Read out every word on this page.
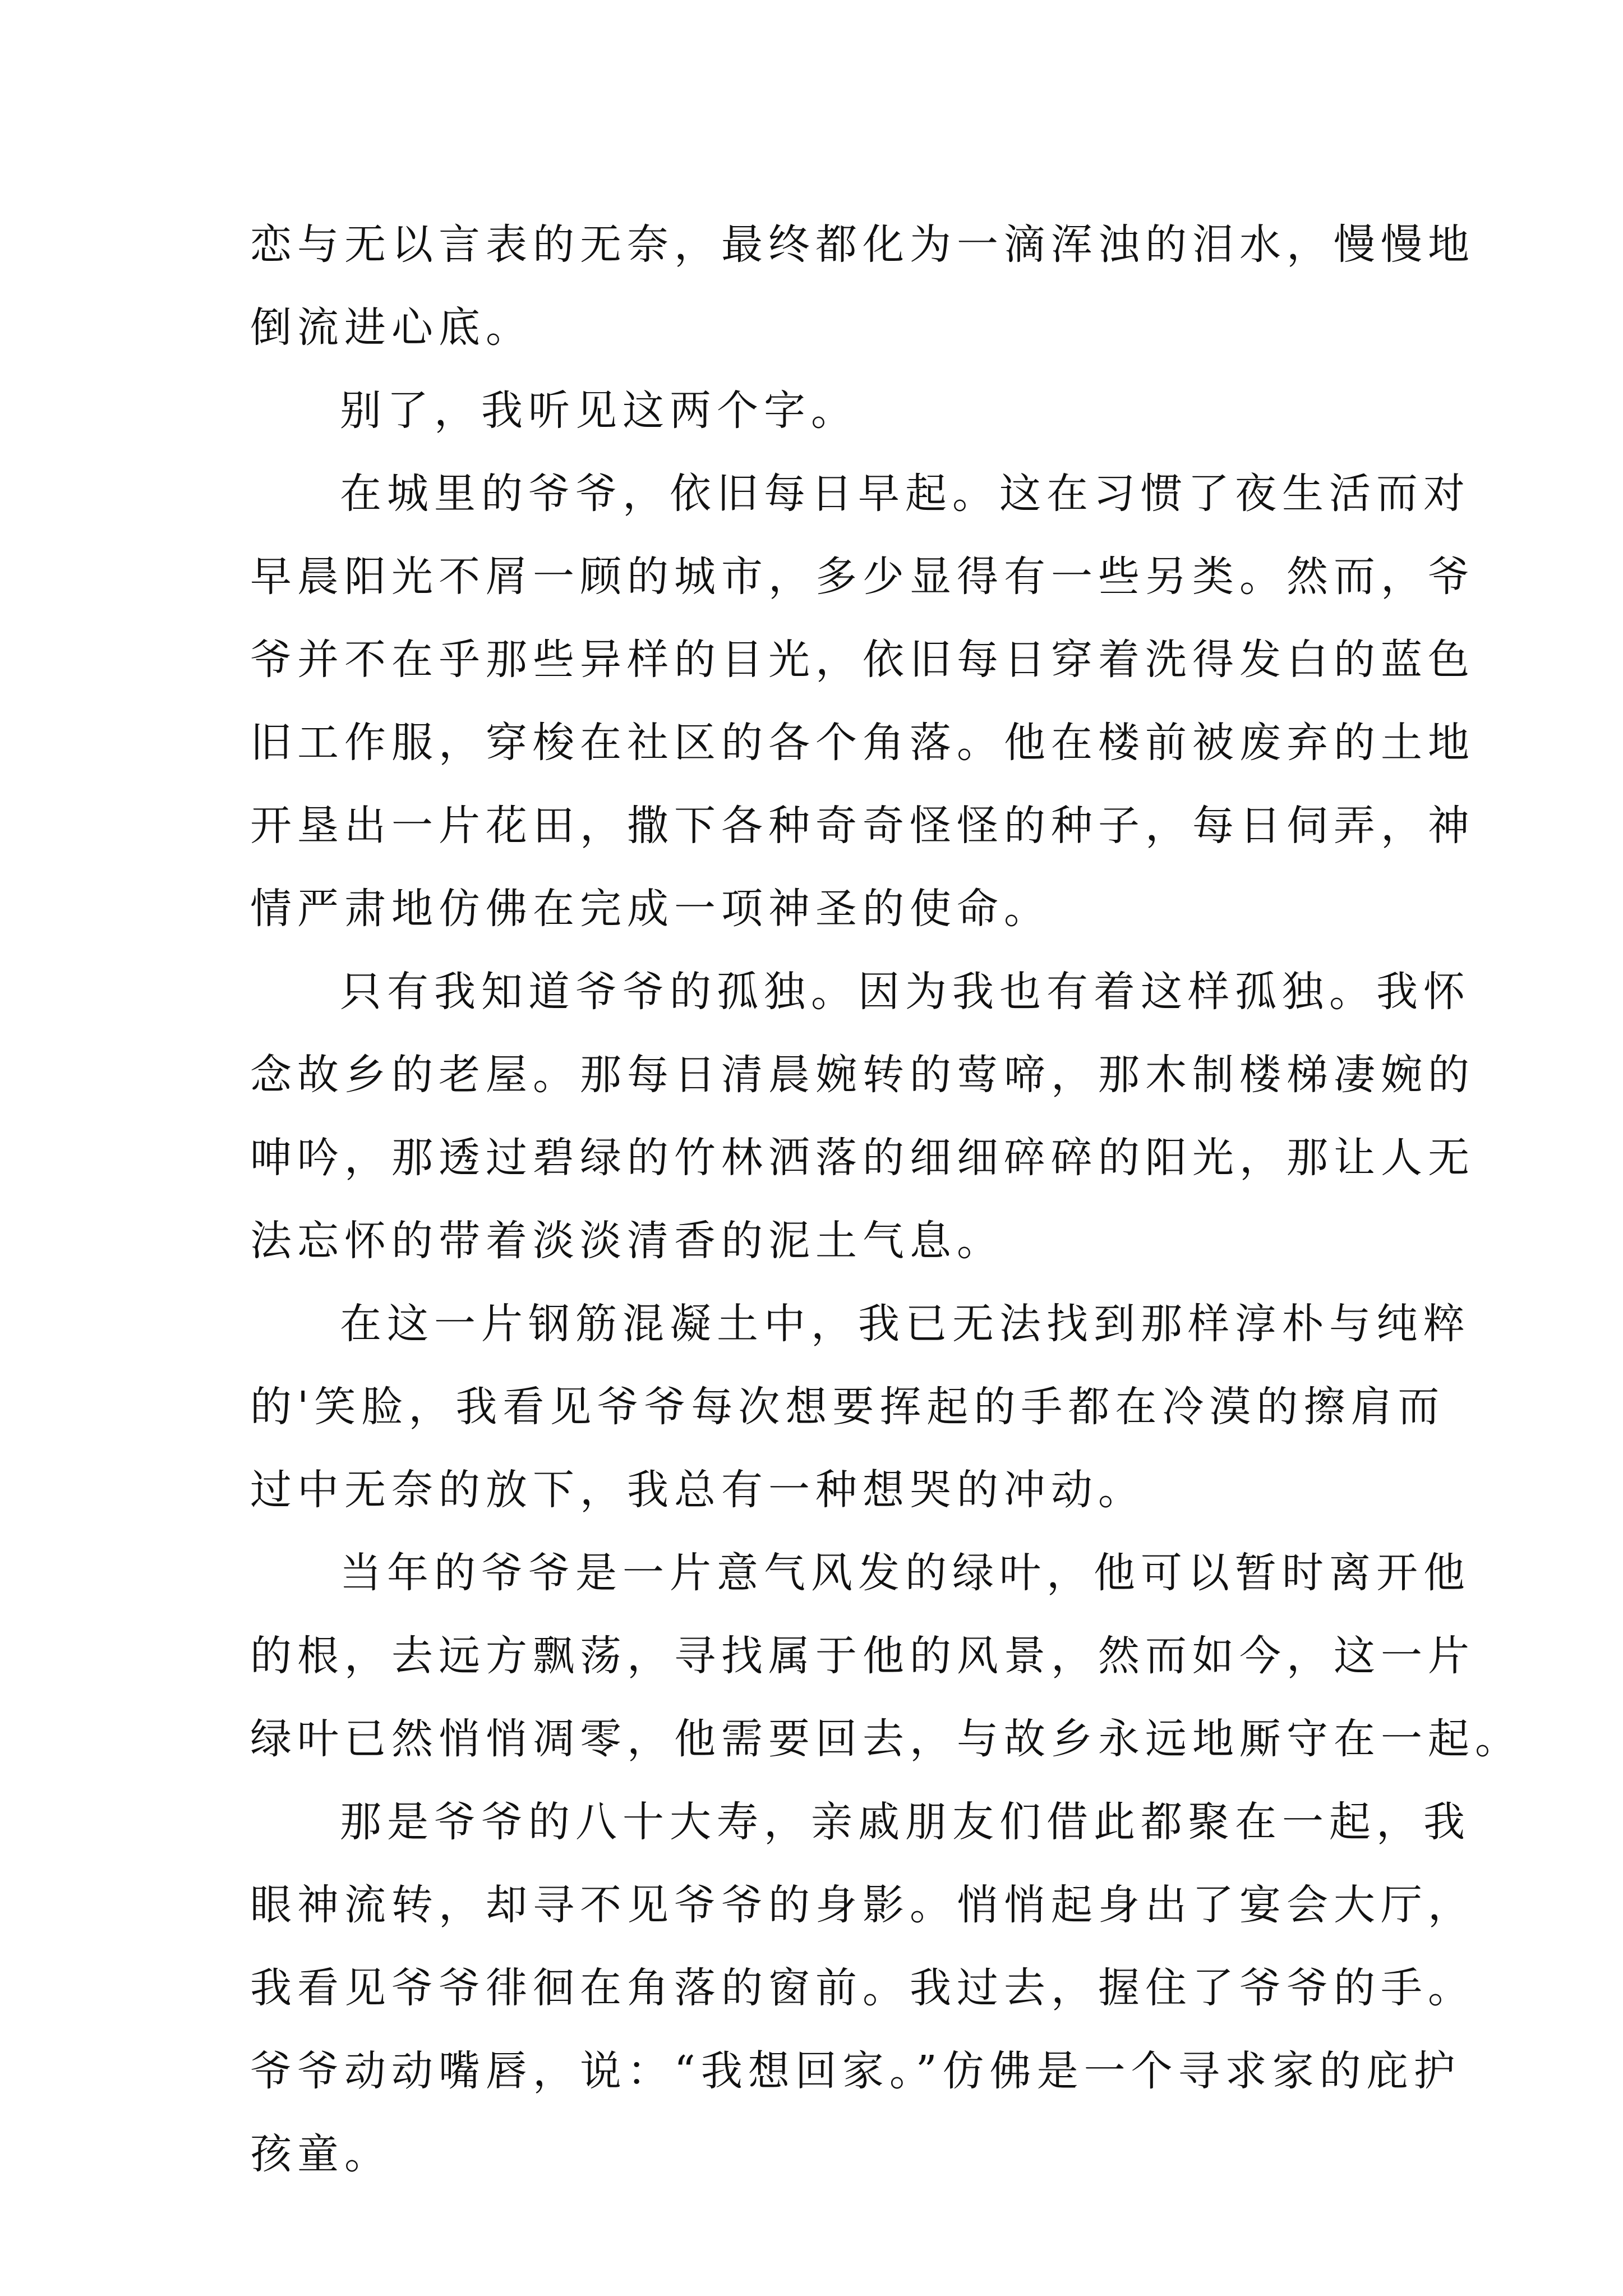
恋与无以言表的无奈，最终都化为一滴浑浊的泪水，慢慢地
倒流进心底。
别了，我听见这两个字。
在城里的爷爷，依旧每日早起。这在习惯了夜生活而对
早晨阳光不屑一顾的城市，多少显得有一些另类。然而，爷
爷并不在乎那些异样的目光，依旧每日穿着洗得发白的蓝色
旧工作服，穿梭在社区的各个角落。他在楼前被废弃的土地
开垦出一片花田，撒下各种奇奇怪怪的种子，每日伺弄，神
情严肃地仿佛在完成一项神圣的使命。
只有我知道爷爷的孤独。因为我也有着这样孤独。我怀
念故乡的老屋。那每日清晨婉转的莺啼，那木制楼梯凄婉的
呻吟，那透过碧绿的竹林洒落的细细碎碎的阳光，那让人无
法忘怀的带着淡淡清香的泥土气息。
在这一片钢筋混凝土中，我已无法找到那样淳朴与纯粹
的'笑脸，我看见爷爷每次想要挥起的手都在冷漠的擦肩而
过中无奈的放下，我总有一种想哭的冲动。
当年的爷爷是一片意气风发的绿叶，他可以暂时离开他
的根，去远方飘荡，寻找属于他的风景，然而如今，这一片
绿叶已然悄悄凋零，他需要回去，与故乡永远地厮守在一起。
那是爷爷的八十大寿，亲戚朋友们借此都聚在一起，我
眼神流转，却寻不见爷爷的身影。悄悄起身出了宴会大厅，
我看见爷爷徘徊在角落的窗前。我过去，握住了爷爷的手。
爷爷动动嘴唇，说：“我想回家。”仿佛是一个寻求家的庇护
孩童。
